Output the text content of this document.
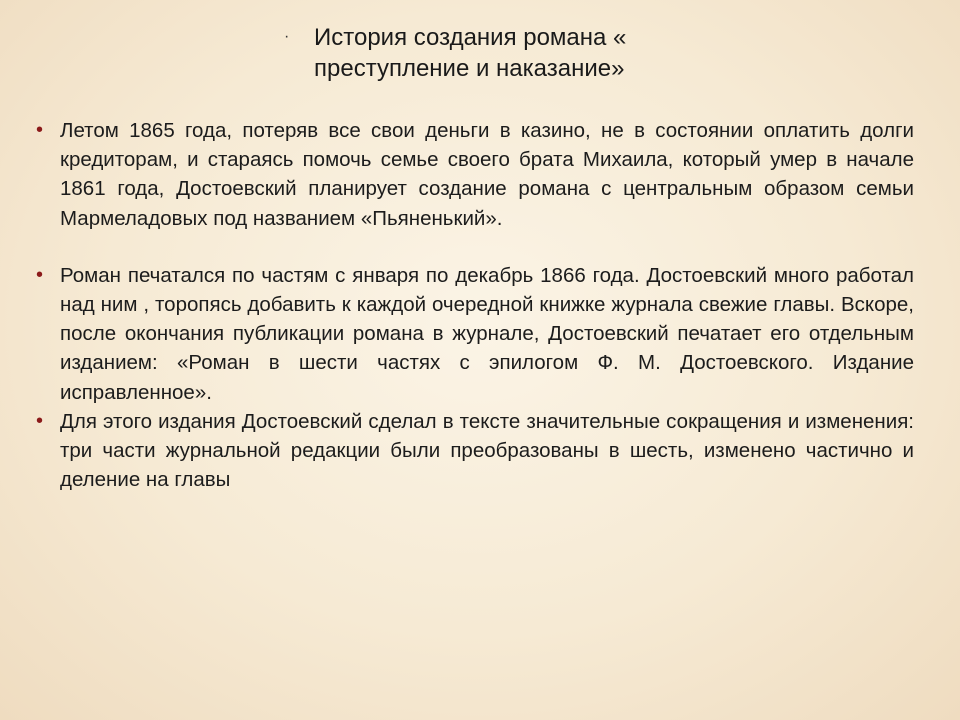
· История создания романа «
преступление и наказание»
• Летом 1865 года, потеряв все свои деньги в казино, не в состоянии оплатить долги кредиторам, и стараясь помочь семье своего брата Михаила, который умер в начале 1861 года, Достоевский планирует создание романа с центральным образом семьи Мармеладовых под названием «Пьяненький».
• Роман печатался по частям с января по декабрь 1866 года. Достоевский много работал над ним , торопясь добавить к каждой очередной книжке журнала свежие главы. Вскоре, после окончания публикации романа в журнале, Достоевский печатает его отдельным изданием: «Роман в шести частях с эпилогом Ф. М. Достоевского. Издание исправленное».
• Для этого издания Достоевский сделал в тексте значительные сокращения и изменения: три части журнальной редакции были преобразованы в шесть, изменено частично и деление на главы
